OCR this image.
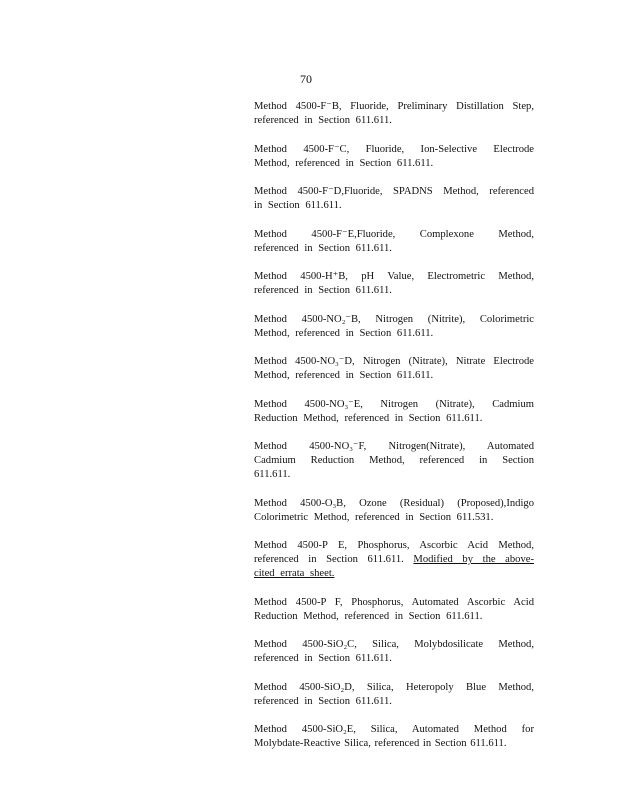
70
Method 4500-F⁻B, Fluoride, Preliminary Distillation Step,
referenced in Section 611.611.
Method 4500-F⁻C, Fluoride, Ion-Selective Electrode
Method, referenced in Section 611.611.
Method 4500-F⁻D,Fluoride, SPADNS Method, referenced
in Section 611.611.
Method 4500-F⁻E,Fluoride, Complexone Method,
referenced in Section 611.611.
Method 4500-H⁺B, pH Value, Electrometric Method,
referenced in Section 611.611.
Method 4500-NO₂⁻B, Nitrogen (Nitrite), Colorimetric
Method, referenced in Section 611.611.
Method 4500-NO₃⁻D, Nitrogen (Nitrate), Nitrate Electrode
Method, referenced in Section 611.611.
Method 4500-NO₃⁻E, Nitrogen (Nitrate), Cadmium
Reduction Method, referenced in Section 611.611.
Method 4500-NO₃⁻F, Nitrogen(Nitrate), Automated
Cadmium Reduction Method, referenced in Section
611.611.
Method 4500-O₃B, Ozone (Residual) (Proposed),Indigo
Colorimetric Method, referenced in Section 611.531.
Method 4500-P E, Phosphorus, Ascorbic Acid Method,
referenced in Section 611.611. Modified by the above-
cited errata sheet.
Method 4500-P F, Phosphorus, Automated Ascorbic Acid
Reduction Method, referenced in Section 611.611.
Method 4500-SiO₂C, Silica, Molybdosilicate Method,
referenced in Section 611.611.
Method 4500-SiO₂D, Silica, Heteropoly Blue Method,
referenced in Section 611.611.
Method 4500-SiO₂E, Silica, Automated Method for
Molybdate-Reactive Silica, referenced in Section 611.611.
